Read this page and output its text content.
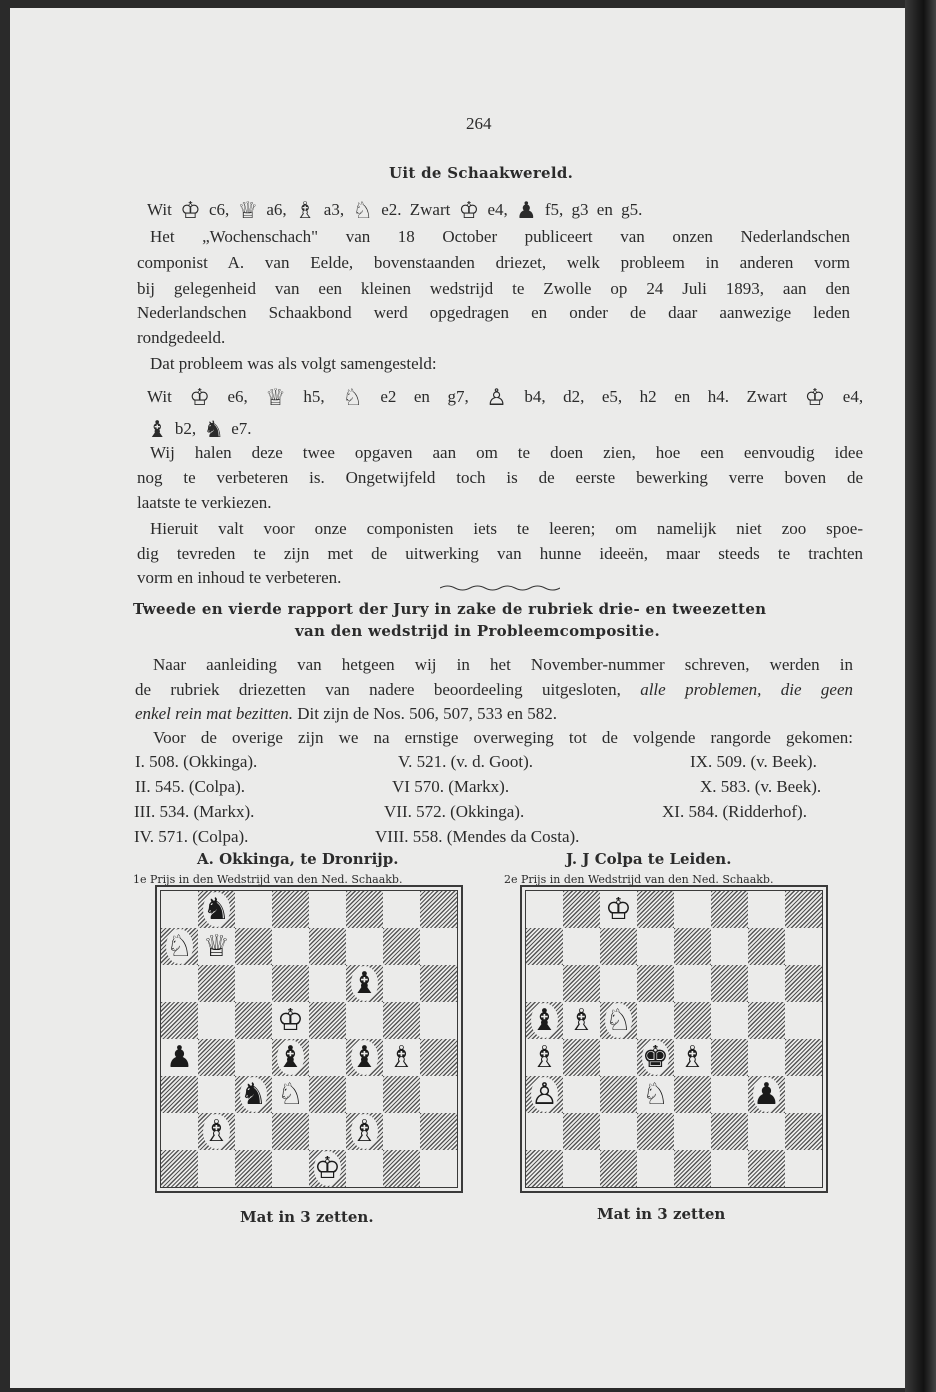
264
Uit de Schaakwereld.
Wit ♔ c6, ♕ a6, ♗ a3, ♘ e2. Zwart ♔ e4, ♟ f5, g3 en g5.
Het „Wochenschach" van 18 October publiceert van onzen Nederlandschen
componist A. van Eelde, bovenstaanden driezet, welk probleem in anderen vorm
bij gelegenheid van een kleinen wedstrijd te Zwolle op 24 Juli 1893, aan den
Nederlandschen Schaakbond werd opgedragen en onder de daar aanwezige leden
rondgedeeld.
Dat probleem was als volgt samengesteld:
Wit ♔ e6, ♕ h5, ♘ e2 en g7, ♙ b4, d2, e5, h2 en h4. Zwart ♔ e4,
♝ b2, ♞ e7.
Wij halen deze twee opgaven aan om te doen zien, hoe een eenvoudig idee
nog te verbeteren is. Ongetwijfeld toch is de eerste bewerking verre boven de
laatste te verkiezen.
Hieruit valt voor onze componisten iets te leeren; om namelijk niet zoo spoe-
dig tevreden te zijn met de uitwerking van hunne ideeën, maar steeds te trachten
vorm en inhoud te verbeteren.
Tweede en vierde rapport der Jury in zake de rubriek drie- en tweezetten
van den wedstrijd in Probleemcompositie.
Naar aanleiding van hetgeen wij in het November-nummer schreven, werden in
de rubriek driezetten van nadere beoordeeling uitgesloten, alle problemen, die geen
enkel rein mat bezitten. Dit zijn de Nos. 506, 507, 533 en 582.
Voor de overige zijn we na ernstige overweging tot de volgende rangorde gekomen:
I. 508. (Okkinga).	V. 521. (v. d. Goot).	IX. 509. (v. Beek).
II. 545. (Colpa).	VI 570. (Markx).	X. 583. (v. Beek).
III. 534. (Markx).	VII. 572. (Okkinga).	XI. 584. (Ridderhof).
IV. 571. (Colpa).	VIII. 558. (Mendes da Costa).
A. Okkinga, te Dronrijp.	J. J Colpa te Leiden.
1e Prijs in den Wedstrijd van den Ned. Schaakb.	2e Prijs in den Wedstrijd van den Ned. Schaakb.
♞
♘ ♕
♝
♔
♟	♝ ♝ ♗
♞ ♘
♗	♗
♔
♔
♝ ♗ ♘
♗	♚ ♗
♙	♘	♟
Mat in 3 zetten.	Mat in 3 zetten
